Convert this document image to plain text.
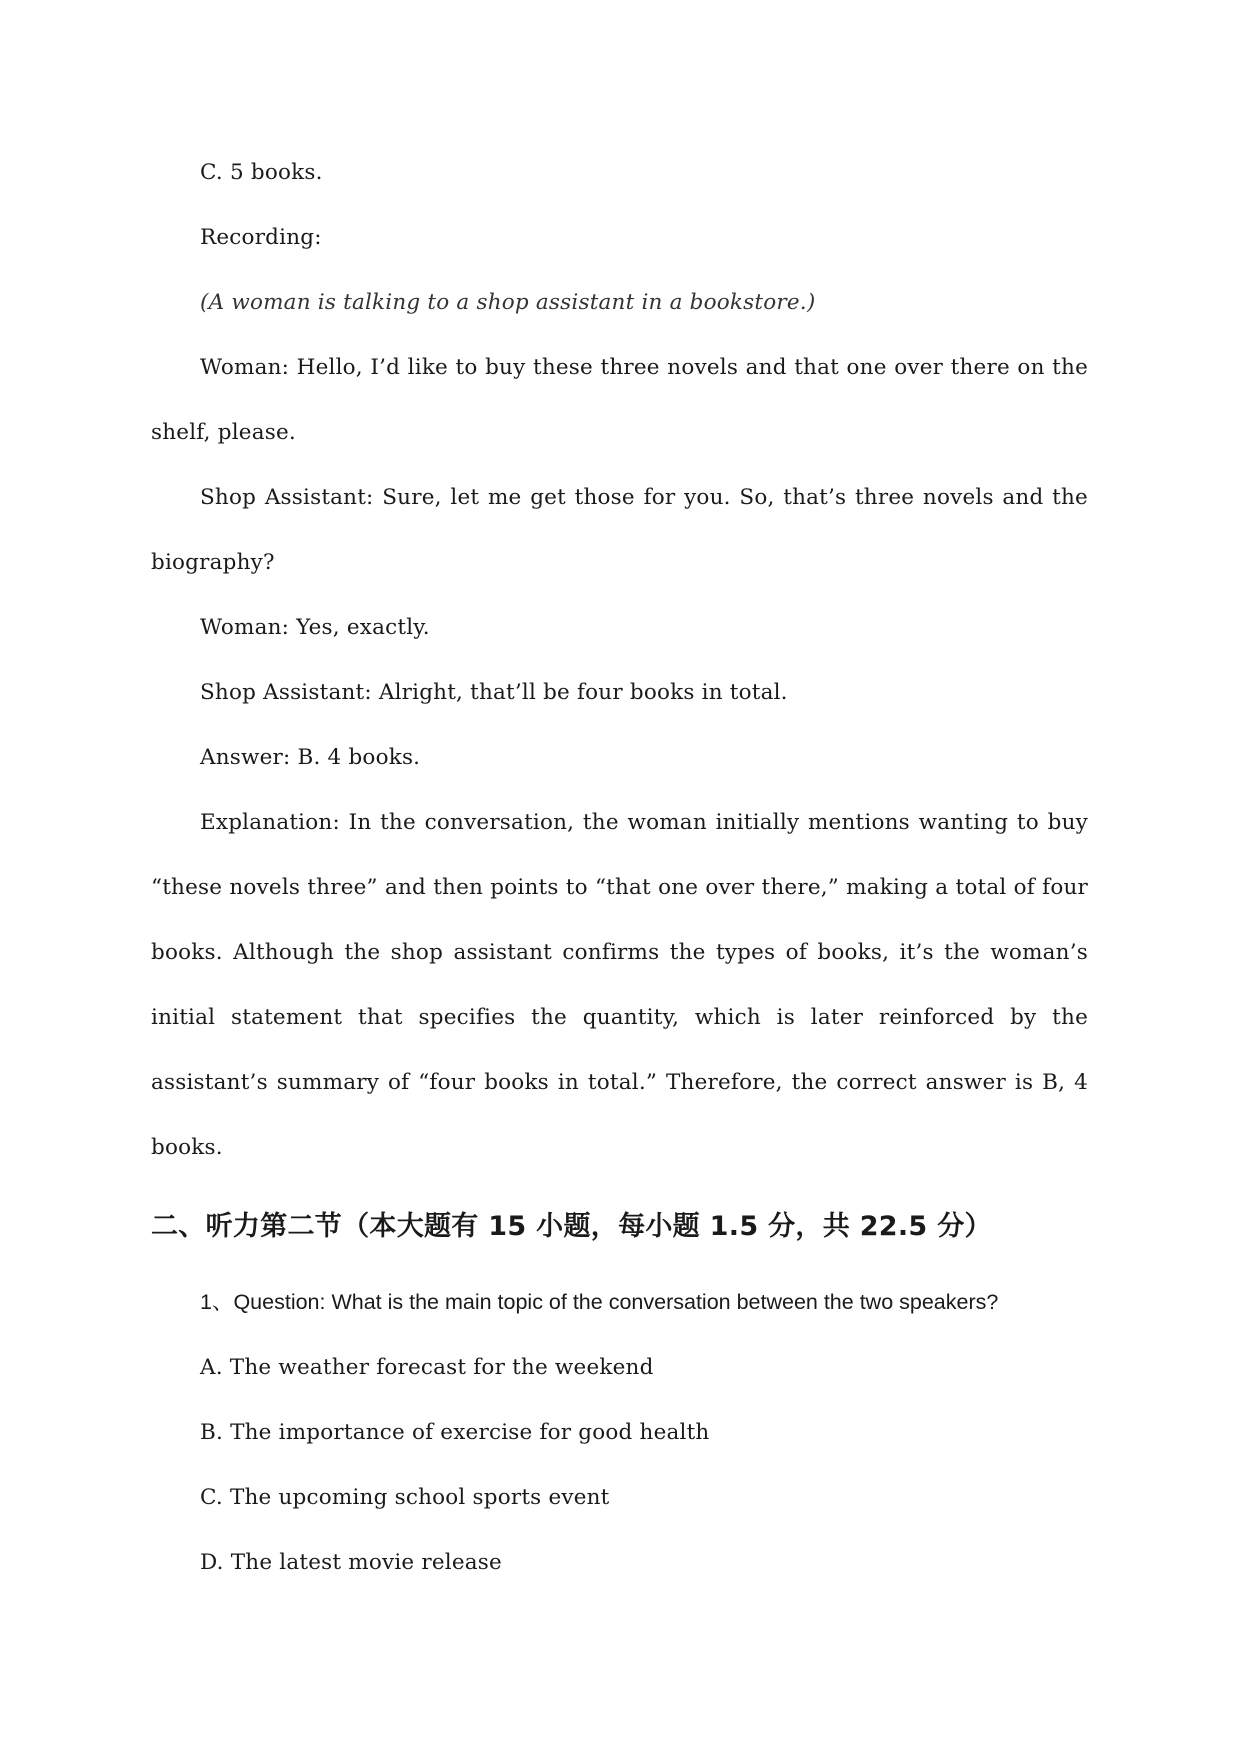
C. 5 books.

Recording:

(A woman is talking to a shop assistant in a bookstore.)

Woman: Hello, I’d like to buy these three novels and that one over there on the shelf, please.

Shop Assistant: Sure, let me get those for you. So, that’s three novels and the biography?

Woman: Yes, exactly.

Shop Assistant: Alright, that’ll be four books in total.

Answer: B. 4 books.

Explanation: In the conversation, the woman initially mentions wanting to buy “these novels three” and then points to “that one over there,” making a total of four books. Although the shop assistant confirms the types of books, it’s the woman’s initial statement that specifies the quantity, which is later reinforced by the assistant’s summary of “four books in total.” Therefore, the correct answer is B, 4 books.

二、听力第二节（本大题有 15 小题，每小题 1.5 分，共 22.5 分）

1、Question: What is the main topic of the conversation between the two speakers?

A. The weather forecast for the weekend

B. The importance of exercise for good health

C. The upcoming school sports event

D. The latest movie release
